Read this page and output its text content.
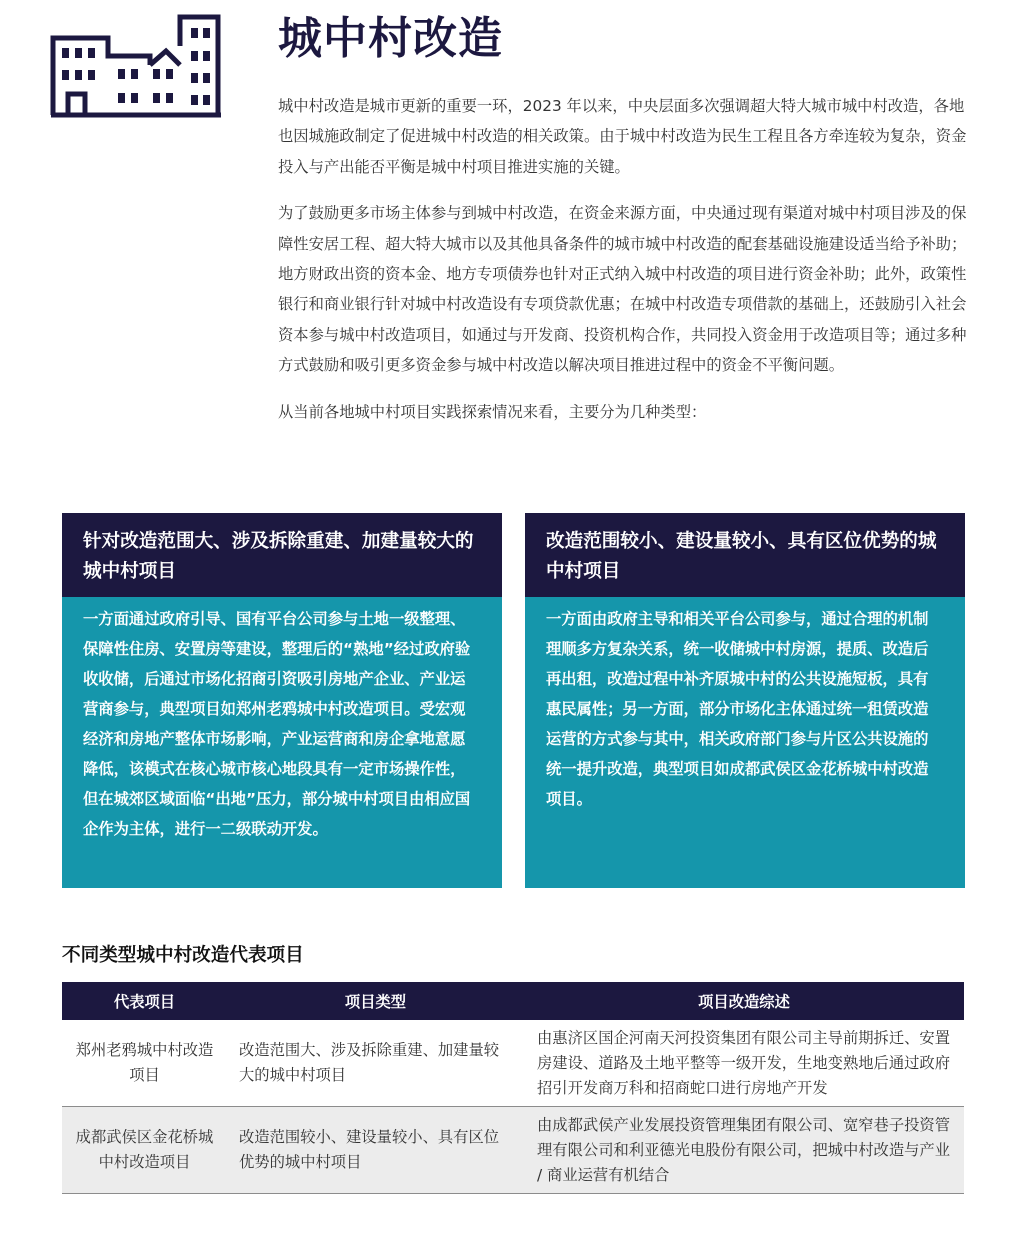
城中村改造

城中村改造是城市更新的重要一环，2023 年以来，中央层面多次强调超大特大城市城中村改造，各地也因城施政制定了促进城中村改造的相关政策。由于城中村改造为民生工程且各方牵连较为复杂，资金投入与产出能否平衡是城中村项目推进实施的关键。

为了鼓励更多市场主体参与到城中村改造，在资金来源方面，中央通过现有渠道对城中村项目涉及的保障性安居工程、超大特大城市以及其他具备条件的城市城中村改造的配套基础设施建设适当给予补助；地方财政出资的资本金、地方专项债券也针对正式纳入城中村改造的项目进行资金补助；此外，政策性银行和商业银行针对城中村改造设有专项贷款优惠；在城中村改造专项借款的基础上，还鼓励引入社会资本参与城中村改造项目，如通过与开发商、投资机构合作，共同投入资金用于改造项目等；通过多种方式鼓励和吸引更多资金参与城中村改造以解决项目推进过程中的资金不平衡问题。

从当前各地城中村项目实践探索情况来看，主要分为几种类型：

针对改造范围大、涉及拆除重建、加建量较大的城中村项目
一方面通过政府引导、国有平台公司参与土地一级整理、保障性住房、安置房等建设，整理后的“熟地”经过政府验收收储，后通过市场化招商引资吸引房地产企业、产业运营商参与，典型项目如郑州老鸦城中村改造项目。受宏观经济和房地产整体市场影响，产业运营商和房企拿地意愿降低，该模式在核心城市核心地段具有一定市场操作性，但在城郊区域面临“出地”压力，部分城中村项目由相应国企作为主体，进行一二级联动开发。
改造范围较小、建设量较小、具有区位优势的城中村项目
一方面由政府主导和相关平台公司参与，通过合理的机制理顺多方复杂关系，统一收储城中村房源，提质、改造后再出租，改造过程中补齐原城中村的公共设施短板，具有惠民属性；另一方面，部分市场化主体通过统一租赁改造运营的方式参与其中，相关政府部门参与片区公共设施的统一提升改造，典型项目如成都武侯区金花桥城中村改造项目。
不同类型城中村改造代表项目
代表项目	项目类型	项目改造综述
郑州老鸦城中村改造项目	改造范围大、涉及拆除重建、加建量较大的城中村项目	由惠济区国企河南天河投资集团有限公司主导前期拆迁、安置房建设、道路及土地平整等一级开发，生地变熟地后通过政府招引开发商万科和招商蛇口进行房地产开发
成都武侯区金花桥城中村改造项目	改造范围较小、建设量较小、具有区位优势的城中村项目	由成都武侯产业发展投资管理集团有限公司、宽窄巷子投资管理有限公司和利亚德光电股份有限公司，把城中村改造与产业 / 商业运营有机结合
